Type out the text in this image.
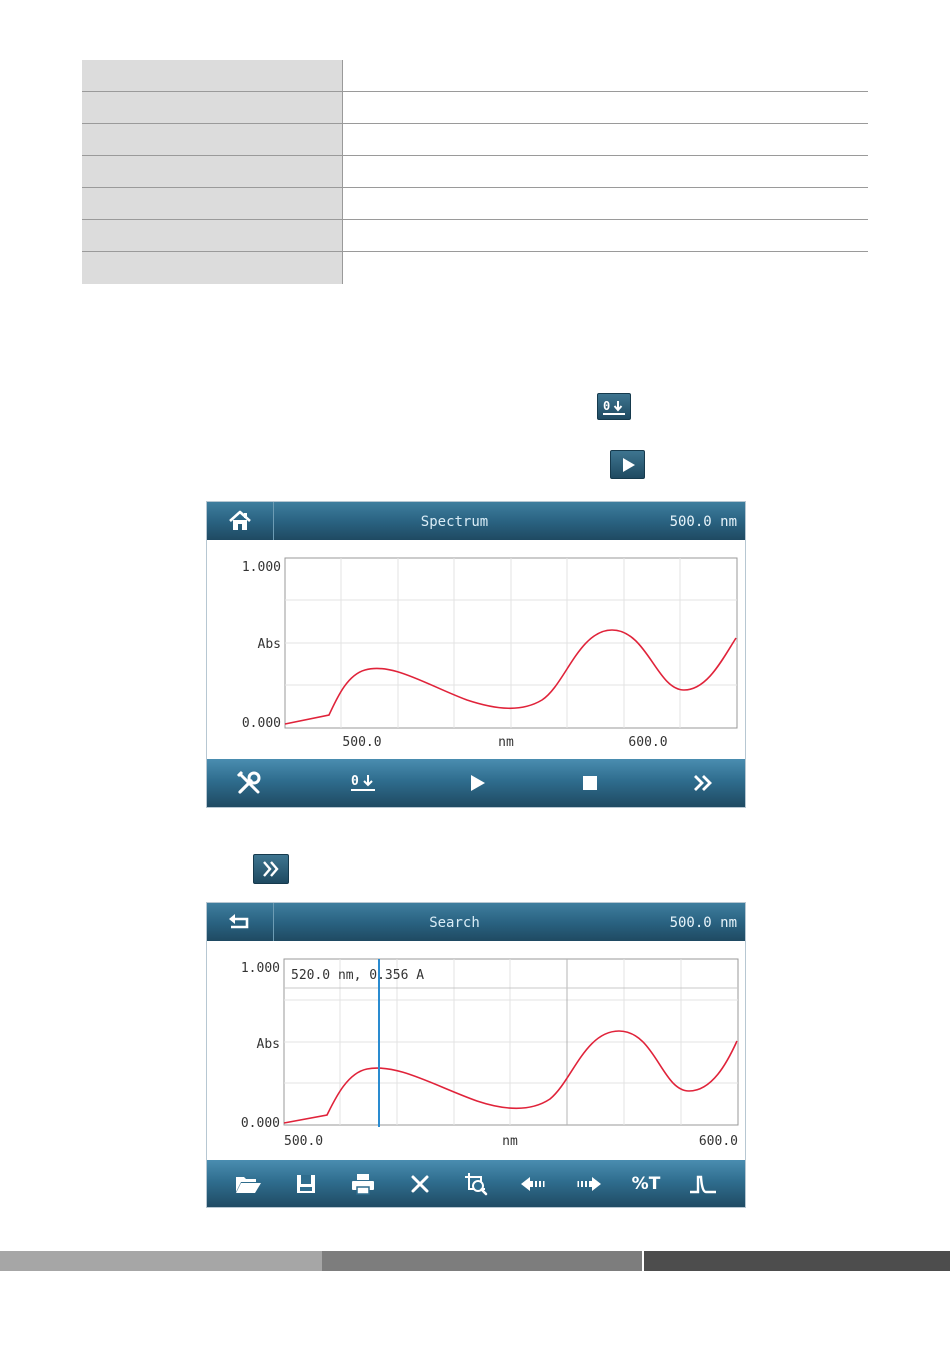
0
Spectrum	500.0 nm
1.000
Abs
0.000
500.0	nm	600.0
0
Search	500.0 nm
520.0 nm, 0.356 A
1.000
Abs
0.000
500.0	nm	600.0
%T
